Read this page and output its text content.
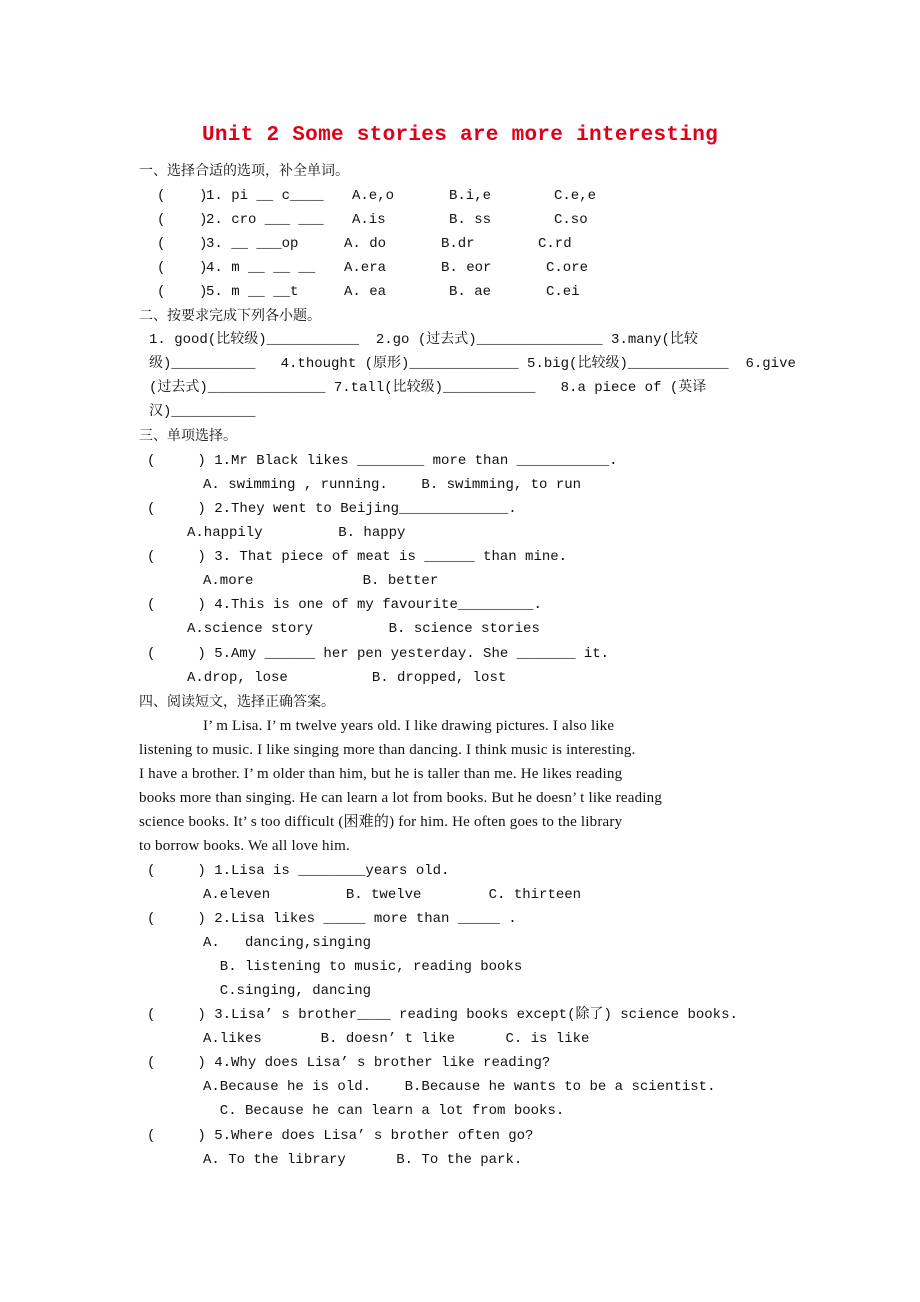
Unit 2 Some stories are more interesting
一、选择合适的选项，补全单词。
(    )
1. pi __ c____ A.e,o	B.i,e	C.e,e
(    )
2. cro ___ ___ A.is	B. ss	C.so
(    )
3. __ ___op	A. do	B.dr	C.rd
(    )
4. m __ __ __ A.era	B. eor	C.ore
(    )
5. m __ __t	A. ea	B. ae	C.ei
二、按要求完成下列各小题。
1. good(比较级)___________  2.go (过去式)_______________ 3.many(比较
级)__________   4.thought (原形)_____________ 5.big(比较级)____________  6.give
(过去式)______________ 7.tall(比较级)___________   8.a piece of (英译
汉)__________
三、单项选择。
(     ) 1.Mr Black likes ________ more than ___________.
A. swimming , running.    B. swimming, to run
(     ) 2.They went to Beijing_____________.
A.happily         B. happy
(     ) 3. That piece of meat is ______ than mine.
A.more             B. better
(     ) 4.This is one of my favourite_________.
A.science story         B. science stories
(     ) 5.Amy ______ her pen yesterday. She _______ it.
A.drop, lose          B. dropped, lost
四、阅读短文，选择正确答案。
I’ m Lisa. I’ m twelve years old. I like drawing pictures. I also like
listening to music. I like singing more than dancing. I think music is interesting.
I have a brother. I’ m older than him, but he is taller than me. He likes reading
books more than singing. He can learn a lot from books. But he doesn’ t like reading
science books. It’ s too difficult (困难的) for him. He often goes to the library
to borrow books. We all love him.
(     ) 1.Lisa is ________years old.
A.eleven         B. twelve        C. thirteen
(     ) 2.Lisa likes _____ more than _____ .
A.   dancing,singing
B. listening to music, reading books
C.singing, dancing
(     ) 3.Lisa’ s brother____ reading books except(除了) science books.
A.likes       B. doesn’ t like      C. is like
(     ) 4.Why does Lisa’ s brother like reading?
A.Because he is old.    B.Because he wants to be a scientist.
C. Because he can learn a lot from books.
(     ) 5.Where does Lisa’ s brother often go?
A. To the library      B. To the park.
